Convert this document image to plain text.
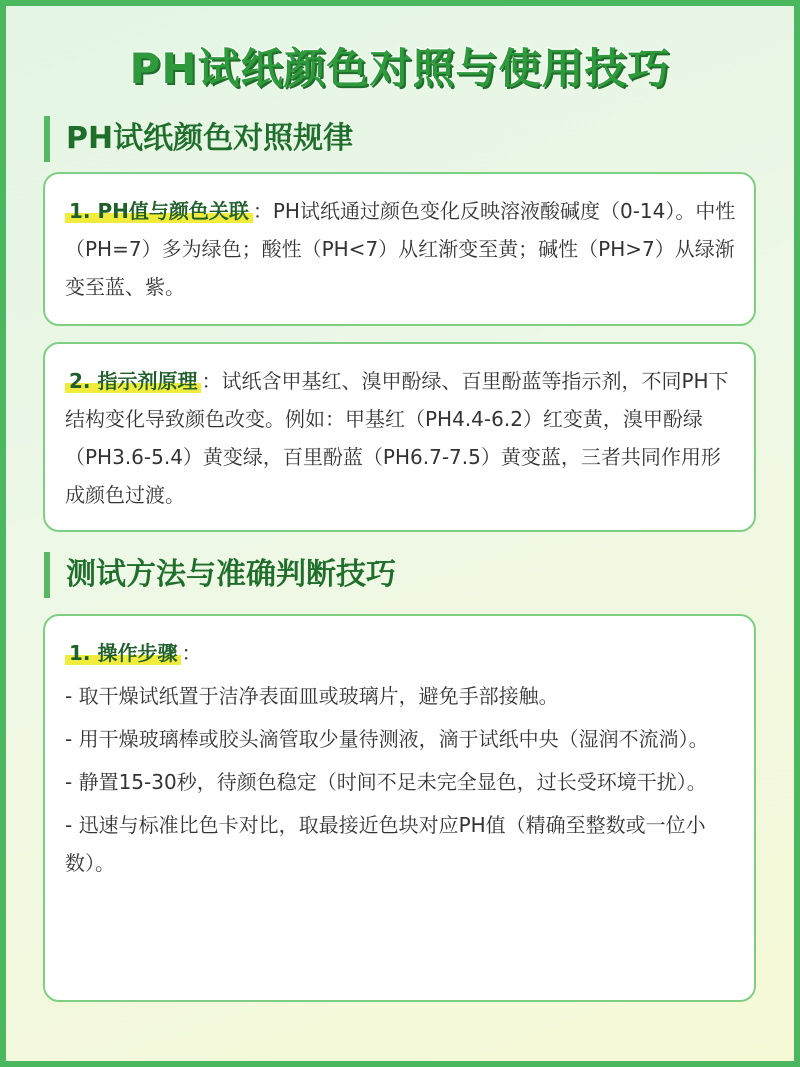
PH试纸颜色对照与使用技巧
PH试纸颜色对照规律
1. PH值与颜色关联 ：PH试纸通过颜色变化反映溶液酸碱度（0-14）。中性（PH=7）多为绿色；酸性（PH<7）从红渐变至黄；碱性（PH>7）从绿渐变至蓝、紫。
2. 指示剂原理 ：试纸含甲基红、溴甲酚绿、百里酚蓝等指示剂，不同PH下结构变化导致颜色改变。例如：甲基红（PH4.4-6.2）红变黄，溴甲酚绿（PH3.6-5.4）黄变绿，百里酚蓝（PH6.7-7.5）黄变蓝，三者共同作用形成颜色过渡。
测试方法与准确判断技巧
1. 操作步骤 ：
- 取干燥试纸置于洁净表面皿或玻璃片，避免手部接触。
- 用干燥玻璃棒或胶头滴管取少量待测液，滴于试纸中央（湿润不流淌）。
- 静置15-30秒，待颜色稳定（时间不足未完全显色，过长受环境干扰）。
- 迅速与标准比色卡对比，取最接近色块对应PH值（精确至整数或一位小数）。
